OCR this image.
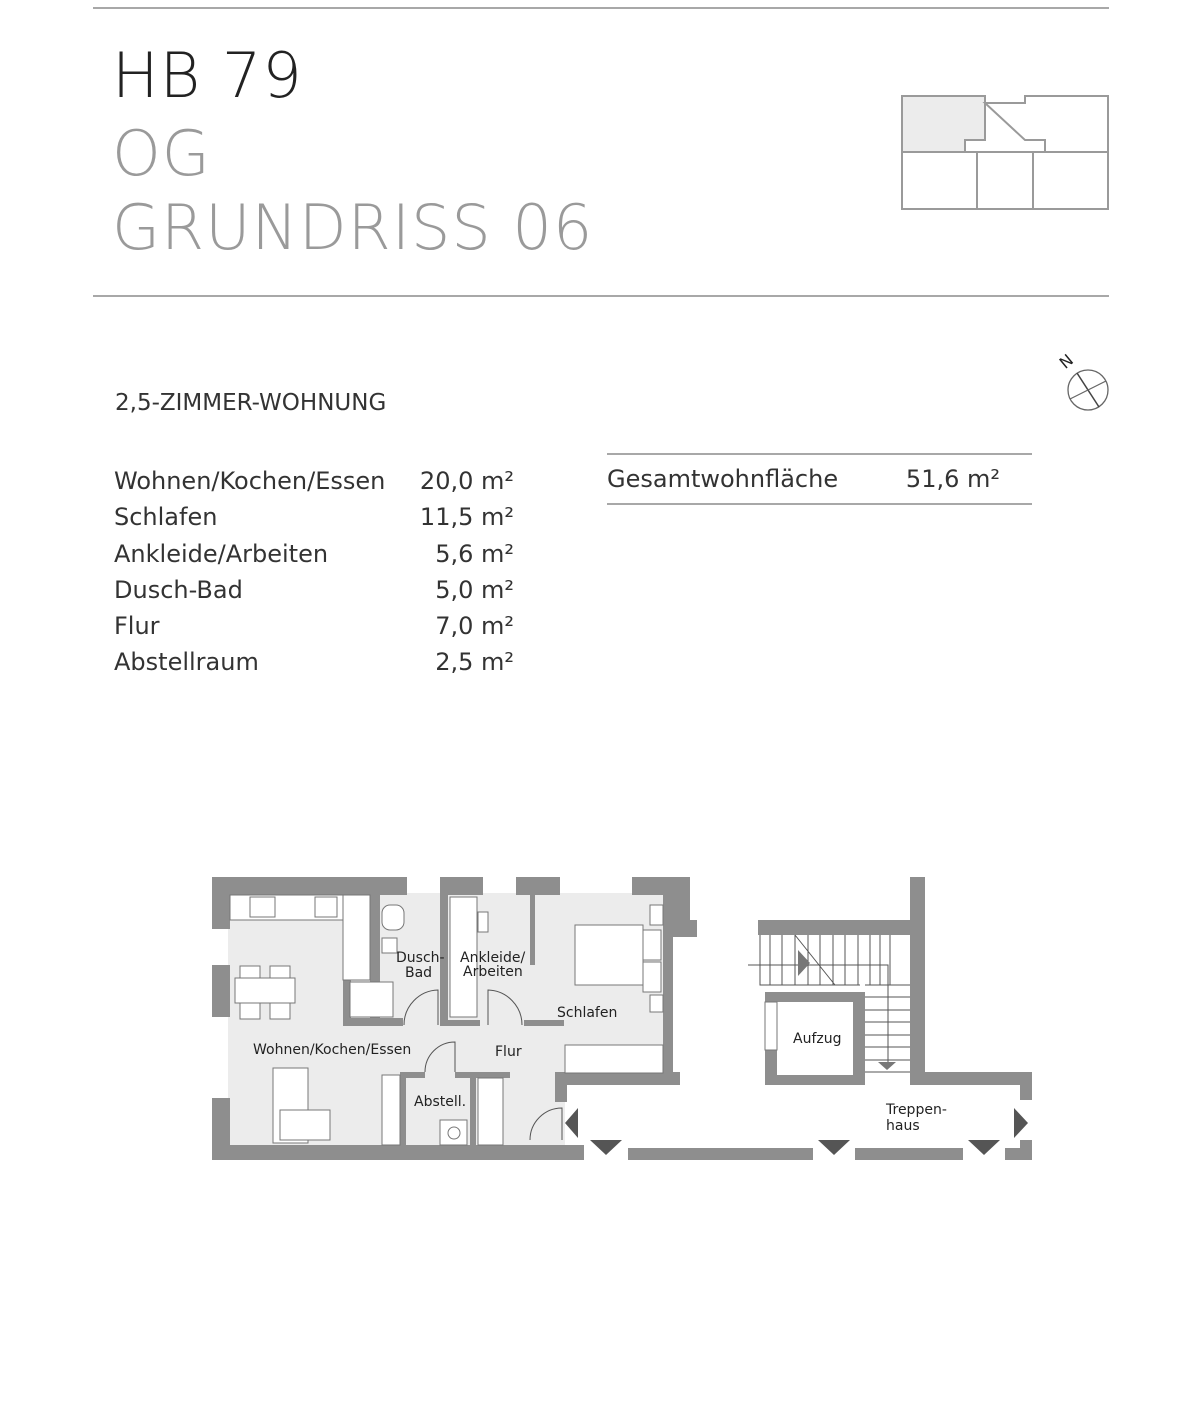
HB 79
OG
GRUNDRISS 06
N
2,5-ZIMMER-WOHNUNG
Wohnen/Kochen/Essen 20,0 m²
Schlafen	11,5 m²
Ankleide/Arbeiten	5,6 m²
Dusch-Bad	5,0 m²
Flur	7,0 m²
Abstellraum	2,5 m²
Gesamtwohnfläche	51,6 m²
Wohnen/Kochen/Essen
Dusch-
Bad
Ankleide/
Arbeiten
Schlafen
Flur
Abstell.
Aufzug
Treppen-
haus
